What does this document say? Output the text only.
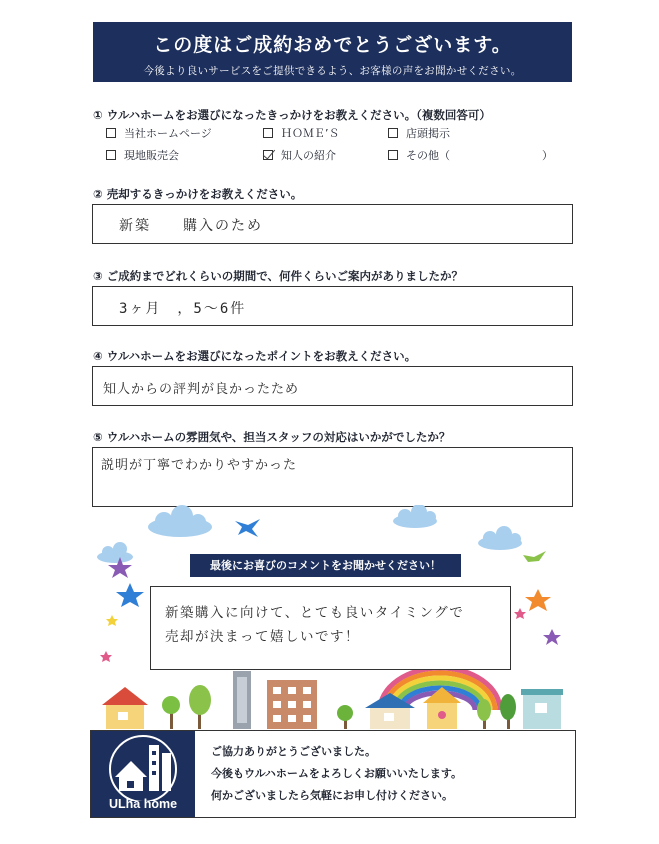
この度はご成約おめでとうございます。
今後より良いサービスをご提供できるよう、お客様の声をお聞かせください。
① ウルハホームをお選びになったきっかけをお教えください。（複数回答可）
当社ホームページ	ＨＯＭＥ’Ｓ	店頭掲示
現地販売会	知人の紹介	その他（	）
② 売却するきっかけをお教えください。
新築　　購入のため
③ ご成約までどれくらいの期間で、何件くらいご案内がありましたか？
3ヶ月　，5～6件
④ ウルハホームをお選びになったポイントをお教えください。
知人からの評判が良かったため
⑤ ウルハホームの雰囲気や、担当スタッフの対応はいかがでしたか？
説明が丁寧でわかりやすかった
最後にお喜びのコメントをお聞かせください！
新築購入に向けて、とても良いタイミングで
売却が決まって嬉しいです！
ULha home
ご協力ありがとうございました。
今後もウルハホームをよろしくお願いいたします。
何かございましたら気軽にお申し付けください。
